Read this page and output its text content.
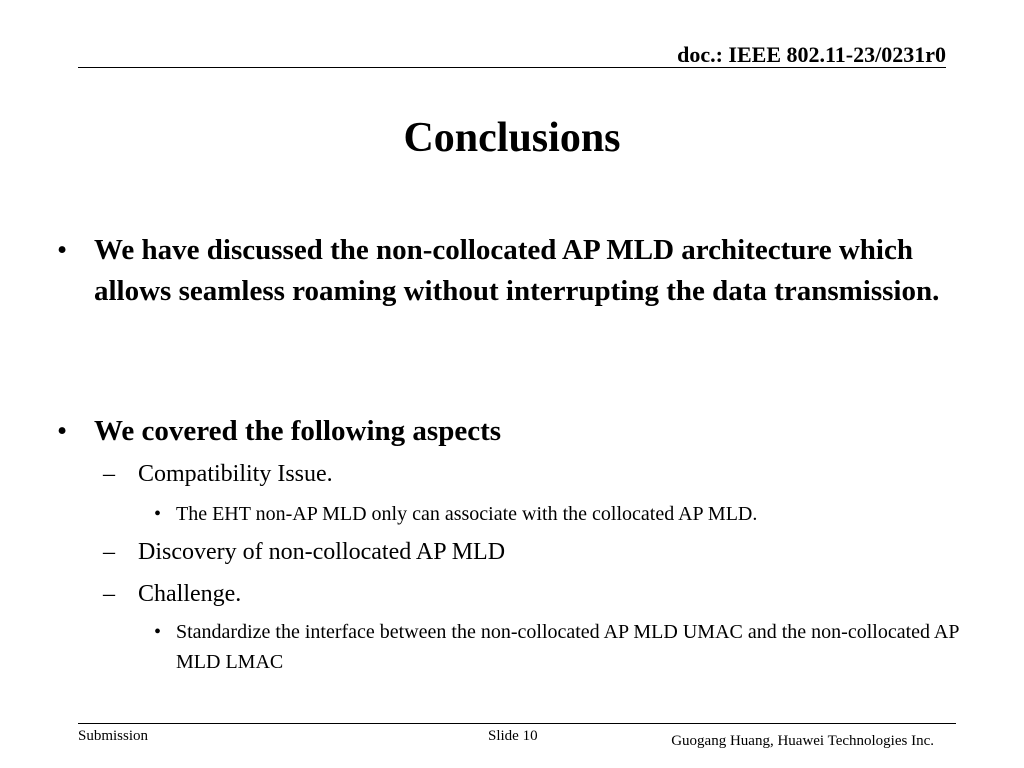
doc.: IEEE 802.11-23/0231r0
Conclusions
• We have discussed the non-collocated AP MLD architecture which allows seamless roaming without interrupting the data transmission.
• We covered the following aspects
– Compatibility Issue.
• The EHT non-AP MLD only can associate with the collocated AP MLD.
– Discovery of non-collocated AP MLD
– Challenge.
• Standardize the interface between the non-collocated AP MLD UMAC and the non-collocated AP MLD LMAC
Submission	Slide 10	Guogang Huang, Huawei Technologies Inc.
